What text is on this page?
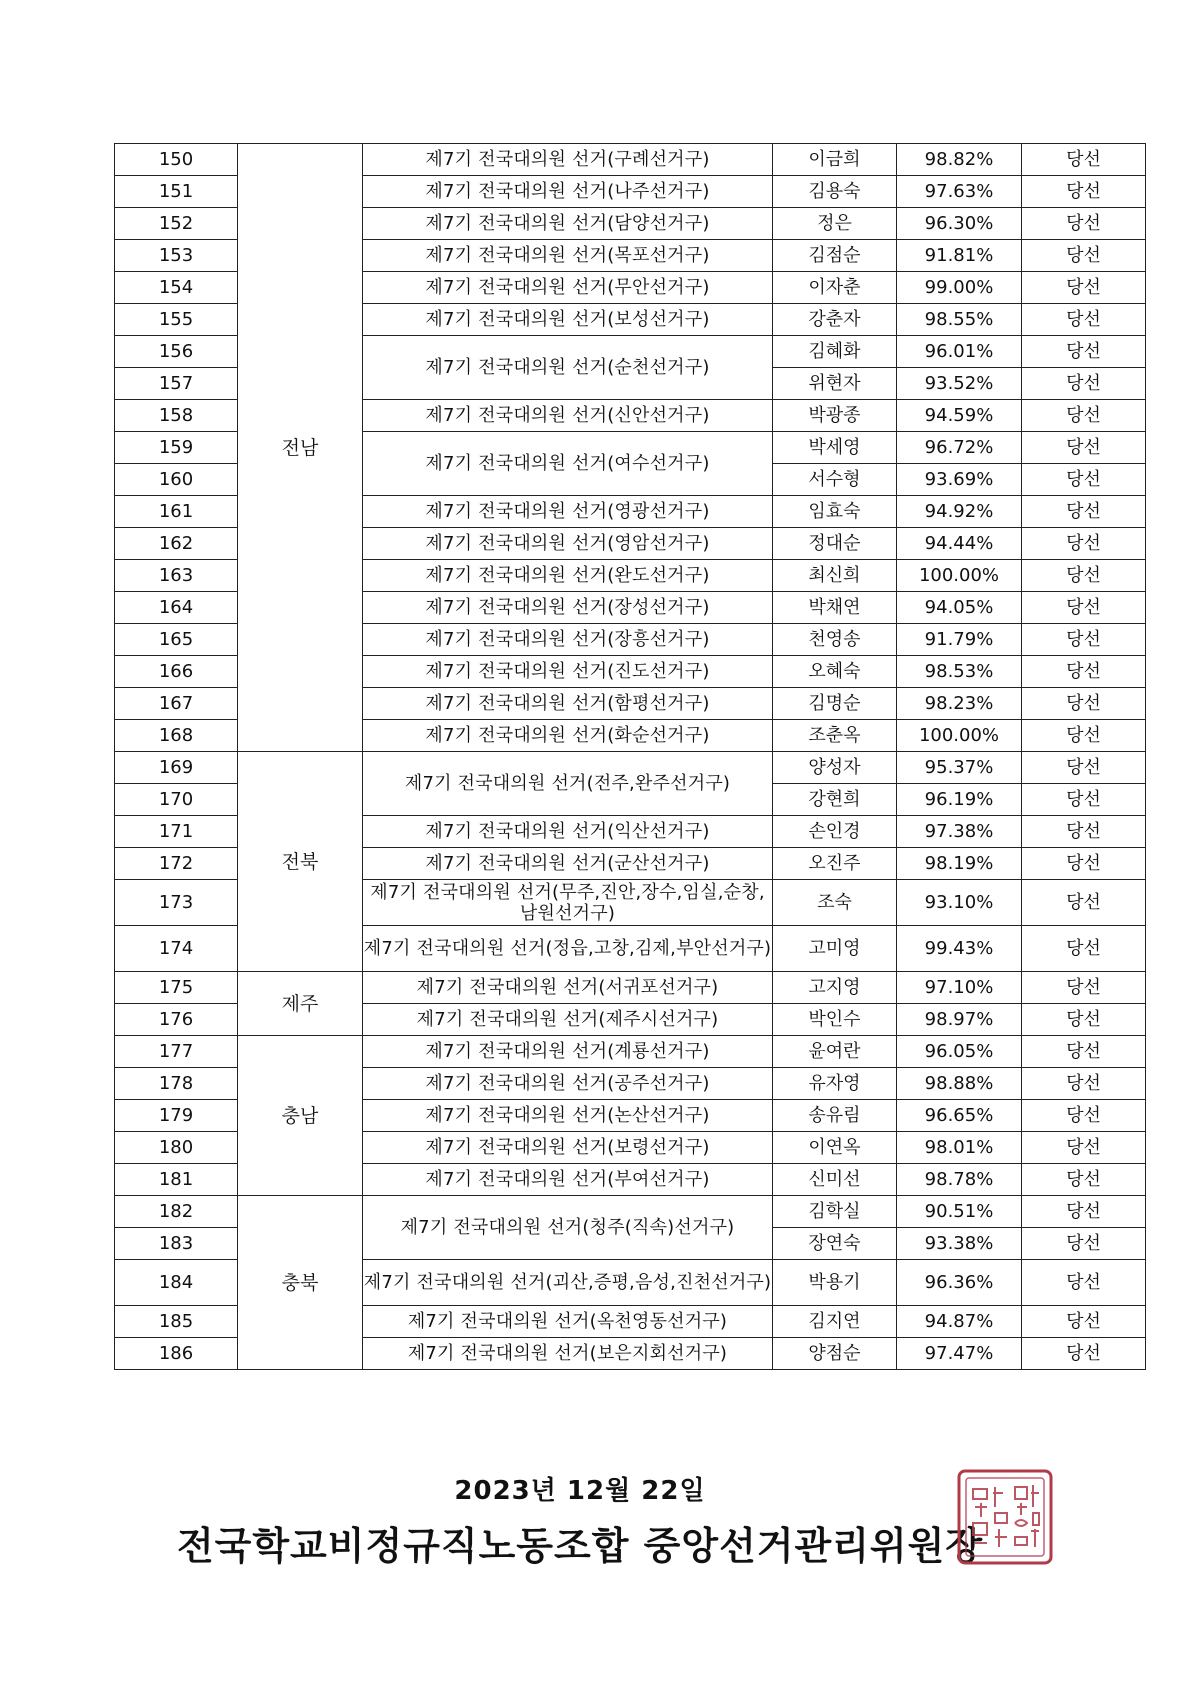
150	전남	제7기 전국대의원 선거(구례선거구)	이금희	98.82%	당선
151		제7기 전국대의원 선거(나주선거구)	김용숙	97.63%	당선
152		제7기 전국대의원 선거(담양선거구)	정은	96.30%	당선
153		제7기 전국대의원 선거(목포선거구)	김점순	91.81%	당선
154		제7기 전국대의원 선거(무안선거구)	이자춘	99.00%	당선
155		제7기 전국대의원 선거(보성선거구)	강춘자	98.55%	당선
156		제7기 전국대의원 선거(순천선거구)	김혜화	96.01%	당선
157			위현자	93.52%	당선
158		제7기 전국대의원 선거(신안선거구)	박광종	94.59%	당선
159		제7기 전국대의원 선거(여수선거구)	박세영	96.72%	당선
160			서수형	93.69%	당선
161		제7기 전국대의원 선거(영광선거구)	임효숙	94.92%	당선
162		제7기 전국대의원 선거(영암선거구)	정대순	94.44%	당선
163		제7기 전국대의원 선거(완도선거구)	최신희	100.00%	당선
164		제7기 전국대의원 선거(장성선거구)	박채연	94.05%	당선
165		제7기 전국대의원 선거(장흥선거구)	천영송	91.79%	당선
166		제7기 전국대의원 선거(진도선거구)	오혜숙	98.53%	당선
167		제7기 전국대의원 선거(함평선거구)	김명순	98.23%	당선
168		제7기 전국대의원 선거(화순선거구)	조춘옥	100.00%	당선
169	전북	제7기 전국대의원 선거(전주,완주선거구)	양성자	95.37%	당선
170			강현희	96.19%	당선
171		제7기 전국대의원 선거(익산선거구)	손인경	97.38%	당선
172		제7기 전국대의원 선거(군산선거구)	오진주	98.19%	당선
173		제7기 전국대의원 선거(무주,진안,장수,임실,순창,남원선거구)	조숙	93.10%	당선
174		제7기 전국대의원 선거(정읍,고창,김제,부안선거구)	고미영	99.43%	당선
175	제주	제7기 전국대의원 선거(서귀포선거구)	고지영	97.10%	당선
176		제7기 전국대의원 선거(제주시선거구)	박인수	98.97%	당선
177	충남	제7기 전국대의원 선거(계룡선거구)	윤여란	96.05%	당선
178		제7기 전국대의원 선거(공주선거구)	유자영	98.88%	당선
179		제7기 전국대의원 선거(논산선거구)	송유림	96.65%	당선
180		제7기 전국대의원 선거(보령선거구)	이연옥	98.01%	당선
181		제7기 전국대의원 선거(부여선거구)	신미선	98.78%	당선
182	충북	제7기 전국대의원 선거(청주(직속)선거구)	김학실	90.51%	당선
183			장연숙	93.38%	당선
184		제7기 전국대의원 선거(괴산,증평,음성,진천선거구)	박용기	96.36%	당선
185		제7기 전국대의원 선거(옥천영동선거구)	김지연	94.87%	당선
186		제7기 전국대의원 선거(보은지회선거구)	양점순	97.47%	당선
2023년 12월 22일
전국학교비정규직노동조합 중앙선거관리위원장
